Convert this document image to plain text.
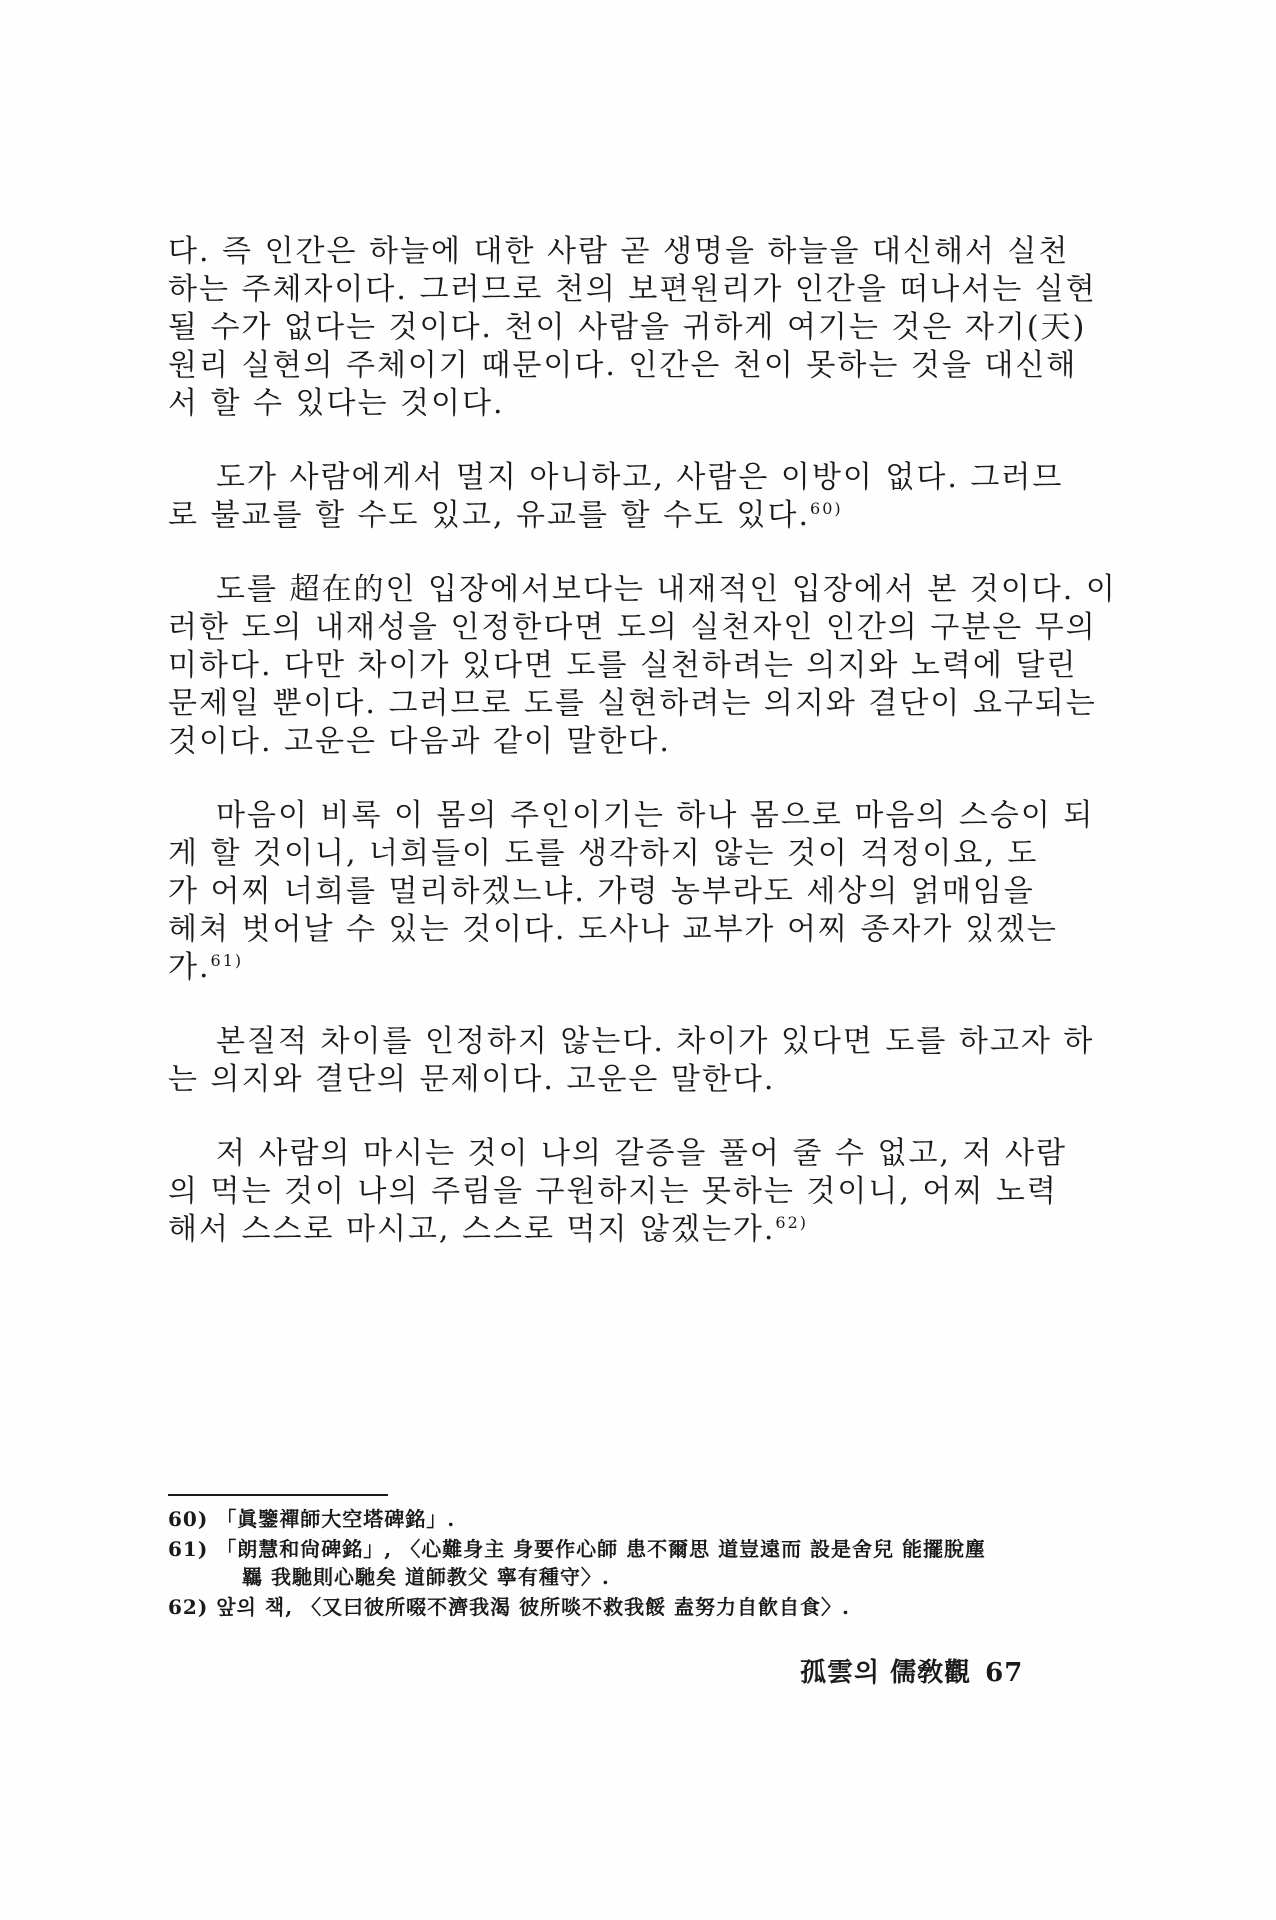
다. 즉 인간은 하늘에 대한 사람 곧 생명을 하늘을 대신해서 실천
하는 주체자이다. 그러므로 천의 보편원리가 인간을 떠나서는 실현
될 수가 없다는 것이다. 천이 사람을 귀하게 여기는 것은 자기(天)
원리 실현의 주체이기 때문이다. 인간은 천이 못하는 것을 대신해
서 할 수 있다는 것이다.
도가 사람에게서 멀지 아니하고, 사람은 이방이 없다. 그러므
로 불교를 할 수도 있고, 유교를 할 수도 있다.$^{60)}$
도를 超在的인 입장에서보다는 내재적인 입장에서 본 것이다. 이
러한 도의 내재성을 인정한다면 도의 실천자인 인간의 구분은 무의
미하다. 다만 차이가 있다면 도를 실천하려는 의지와 노력에 달린
문제일 뿐이다. 그러므로 도를 실현하려는 의지와 결단이 요구되는
것이다. 고운은 다음과 같이 말한다.
마음이 비록 이 몸의 주인이기는 하나 몸으로 마음의 스승이 되
게 할 것이니, 너희들이 도를 생각하지 않는 것이 걱정이요, 도
가 어찌 너희를 멀리하겠느냐. 가령 농부라도 세상의 얽매임을
헤쳐 벗어날 수 있는 것이다. 도사나 교부가 어찌 종자가 있겠는
가.$^{61)}$
본질적 차이를 인정하지 않는다. 차이가 있다면 도를 하고자 하
는 의지와 결단의 문제이다. 고운은 말한다.
저 사람의 마시는 것이 나의 갈증을 풀어 줄 수 없고, 저 사람
의 먹는 것이 나의 주림을 구원하지는 못하는 것이니, 어찌 노력
해서 스스로 마시고, 스스로 먹지 않겠는가.$^{62)}$
60) 「眞鑒禪師大空塔碑銘」.
61) 「朗慧和尙碑銘」, 〈心難身主 身要作心師 患不爾思 道豈遠而 設是舍兒 能擺脫塵
羈 我馳則心馳矣 道師教父 寧有種守〉.
62) 앞의 책, 〈又曰彼所啜不濟我渴 彼所啖不救我餒 盍努力自飮自食〉.
孤雲의 儒敎觀 67
